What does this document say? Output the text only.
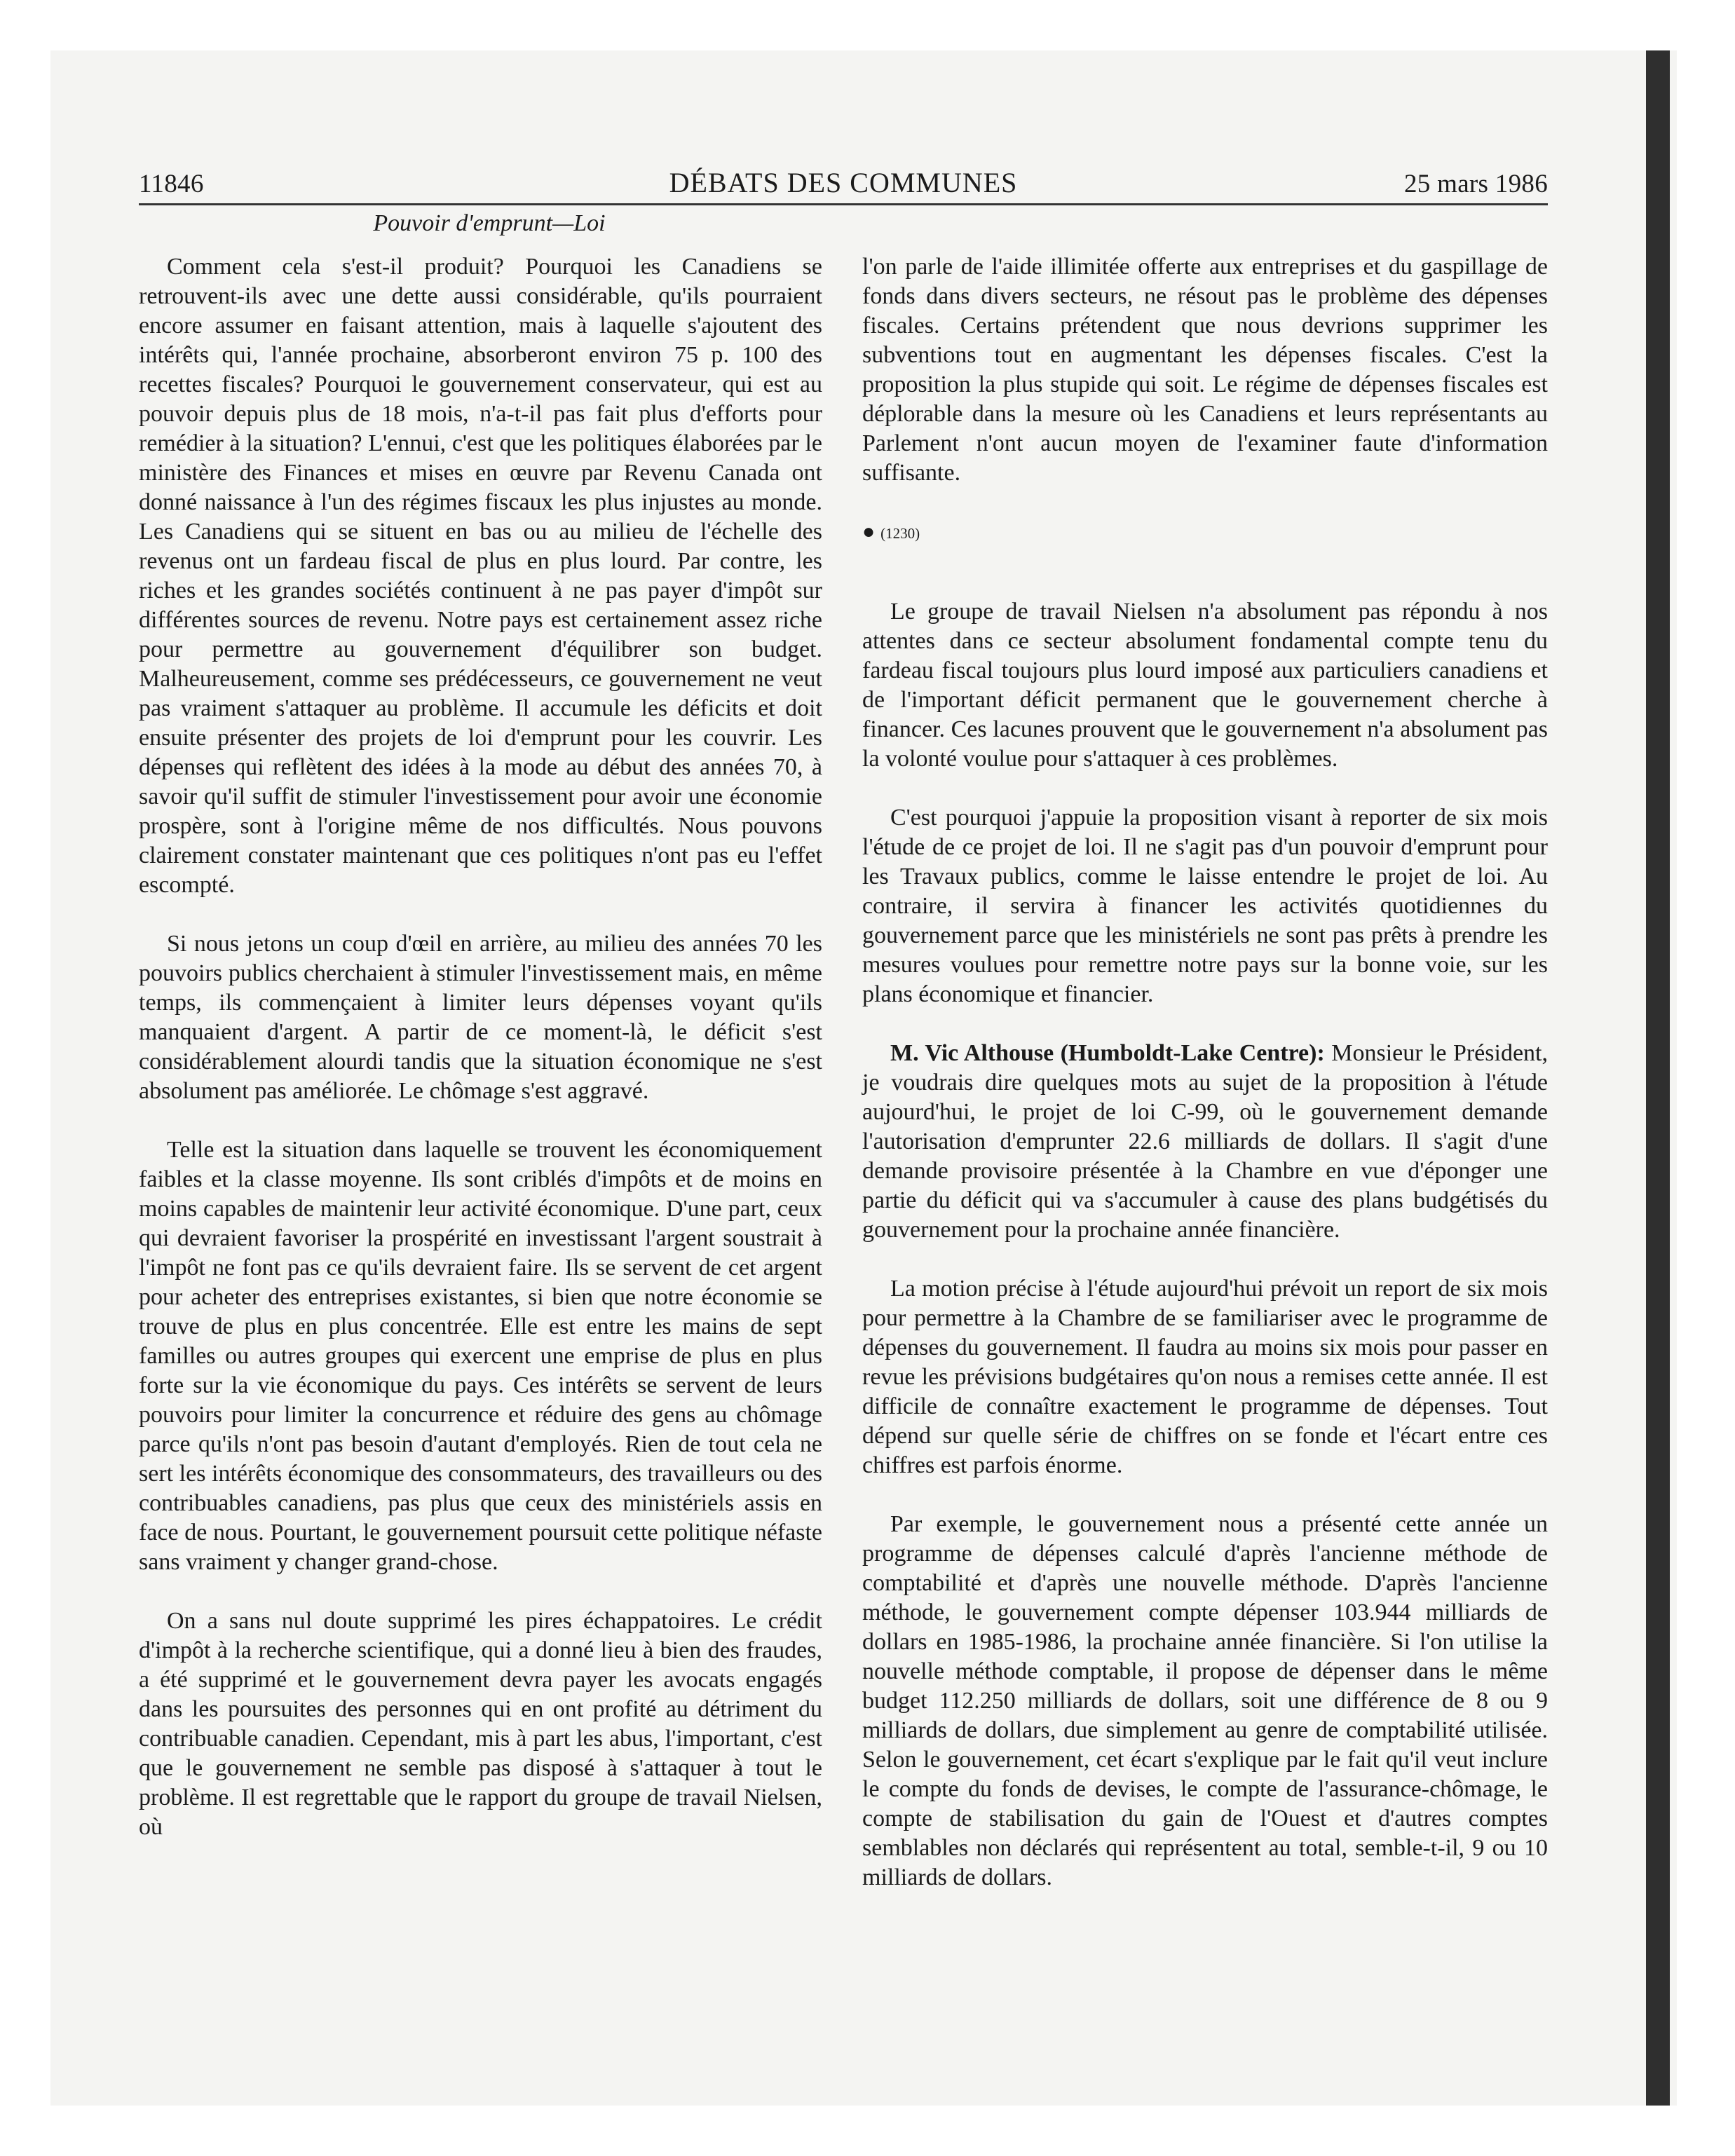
11846	DÉBATS DES COMMUNES	25 mars 1986
Pouvoir d'emprunt—Loi

Comment cela s'est-il produit? Pourquoi les Canadiens se retrouvent-ils avec une dette aussi considérable, qu'ils pourraient encore assumer en faisant attention, mais à laquelle s'ajoutent des intérêts qui, l'année prochaine, absorberont environ 75 p. 100 des recettes fiscales? Pourquoi le gouvernement conservateur, qui est au pouvoir depuis plus de 18 mois, n'a-t-il pas fait plus d'efforts pour remédier à la situation? L'ennui, c'est que les politiques élaborées par le ministère des Finances et mises en œuvre par Revenu Canada ont donné naissance à l'un des régimes fiscaux les plus injustes au monde. Les Canadiens qui se situent en bas ou au milieu de l'échelle des revenus ont un fardeau fiscal de plus en plus lourd. Par contre, les riches et les grandes sociétés continuent à ne pas payer d'impôt sur différentes sources de revenu. Notre pays est certainement assez riche pour permettre au gouvernement d'équilibrer son budget. Malheureusement, comme ses prédécesseurs, ce gouvernement ne veut pas vraiment s'attaquer au problème. Il accumule les déficits et doit ensuite présenter des projets de loi d'emprunt pour les couvrir. Les dépenses qui reflètent des idées à la mode au début des années 70, à savoir qu'il suffit de stimuler l'investissement pour avoir une économie prospère, sont à l'origine même de nos difficultés. Nous pouvons clairement constater maintenant que ces politiques n'ont pas eu l'effet escompté.

Si nous jetons un coup d'œil en arrière, au milieu des années 70 les pouvoirs publics cherchaient à stimuler l'investissement mais, en même temps, ils commençaient à limiter leurs dépenses voyant qu'ils manquaient d'argent. A partir de ce moment-là, le déficit s'est considérablement alourdi tandis que la situation économique ne s'est absolument pas améliorée. Le chômage s'est aggravé.

Telle est la situation dans laquelle se trouvent les économiquement faibles et la classe moyenne. Ils sont criblés d'impôts et de moins en moins capables de maintenir leur activité économique. D'une part, ceux qui devraient favoriser la prospérité en investissant l'argent soustrait à l'impôt ne font pas ce qu'ils devraient faire. Ils se servent de cet argent pour acheter des entreprises existantes, si bien que notre économie se trouve de plus en plus concentrée. Elle est entre les mains de sept familles ou autres groupes qui exercent une emprise de plus en plus forte sur la vie économique du pays. Ces intérêts se servent de leurs pouvoirs pour limiter la concurrence et réduire des gens au chômage parce qu'ils n'ont pas besoin d'autant d'employés. Rien de tout cela ne sert les intérêts économique des consommateurs, des travailleurs ou des contribuables canadiens, pas plus que ceux des ministériels assis en face de nous. Pourtant, le gouvernement poursuit cette politique néfaste sans vraiment y changer grand-chose.

On a sans nul doute supprimé les pires échappatoires. Le crédit d'impôt à la recherche scientifique, qui a donné lieu à bien des fraudes, a été supprimé et le gouvernement devra payer les avocats engagés dans les poursuites des personnes qui en ont profité au détriment du contribuable canadien. Cependant, mis à part les abus, l'important, c'est que le gouvernement ne semble pas disposé à s'attaquer à tout le problème. Il est regrettable que le rapport du groupe de travail Nielsen, où

l'on parle de l'aide illimitée offerte aux entreprises et du gaspillage de fonds dans divers secteurs, ne résout pas le problème des dépenses fiscales. Certains prétendent que nous devrions supprimer les subventions tout en augmentant les dépenses fiscales. C'est la proposition la plus stupide qui soit. Le régime de dépenses fiscales est déplorable dans la mesure où les Canadiens et leurs représentants au Parlement n'ont aucun moyen de l'examiner faute d'information suffisante.

● (1230)

Le groupe de travail Nielsen n'a absolument pas répondu à nos attentes dans ce secteur absolument fondamental compte tenu du fardeau fiscal toujours plus lourd imposé aux particuliers canadiens et de l'important déficit permanent que le gouvernement cherche à financer. Ces lacunes prouvent que le gouvernement n'a absolument pas la volonté voulue pour s'attaquer à ces problèmes.

C'est pourquoi j'appuie la proposition visant à reporter de six mois l'étude de ce projet de loi. Il ne s'agit pas d'un pouvoir d'emprunt pour les Travaux publics, comme le laisse entendre le projet de loi. Au contraire, il servira à financer les activités quotidiennes du gouvernement parce que les ministériels ne sont pas prêts à prendre les mesures voulues pour remettre notre pays sur la bonne voie, sur les plans économique et financier.

M. Vic Althouse (Humboldt-Lake Centre): Monsieur le Président, je voudrais dire quelques mots au sujet de la proposition à l'étude aujourd'hui, le projet de loi C-99, où le gouvernement demande l'autorisation d'emprunter 22.6 milliards de dollars. Il s'agit d'une demande provisoire présentée à la Chambre en vue d'éponger une partie du déficit qui va s'accumuler à cause des plans budgétisés du gouvernement pour la prochaine année financière.

La motion précise à l'étude aujourd'hui prévoit un report de six mois pour permettre à la Chambre de se familiariser avec le programme de dépenses du gouvernement. Il faudra au moins six mois pour passer en revue les prévisions budgétaires qu'on nous a remises cette année. Il est difficile de connaître exactement le programme de dépenses. Tout dépend sur quelle série de chiffres on se fonde et l'écart entre ces chiffres est parfois énorme.

Par exemple, le gouvernement nous a présenté cette année un programme de dépenses calculé d'après l'ancienne méthode de comptabilité et d'après une nouvelle méthode. D'après l'ancienne méthode, le gouvernement compte dépenser 103.944 milliards de dollars en 1985-1986, la prochaine année financière. Si l'on utilise la nouvelle méthode comptable, il propose de dépenser dans le même budget 112.250 milliards de dollars, soit une différence de 8 ou 9 milliards de dollars, due simplement au genre de comptabilité utilisée. Selon le gouvernement, cet écart s'explique par le fait qu'il veut inclure le compte du fonds de devises, le compte de l'assurance-chômage, le compte de stabilisation du gain de l'Ouest et d'autres comptes semblables non déclarés qui représentent au total, semble-t-il, 9 ou 10 milliards de dollars.
